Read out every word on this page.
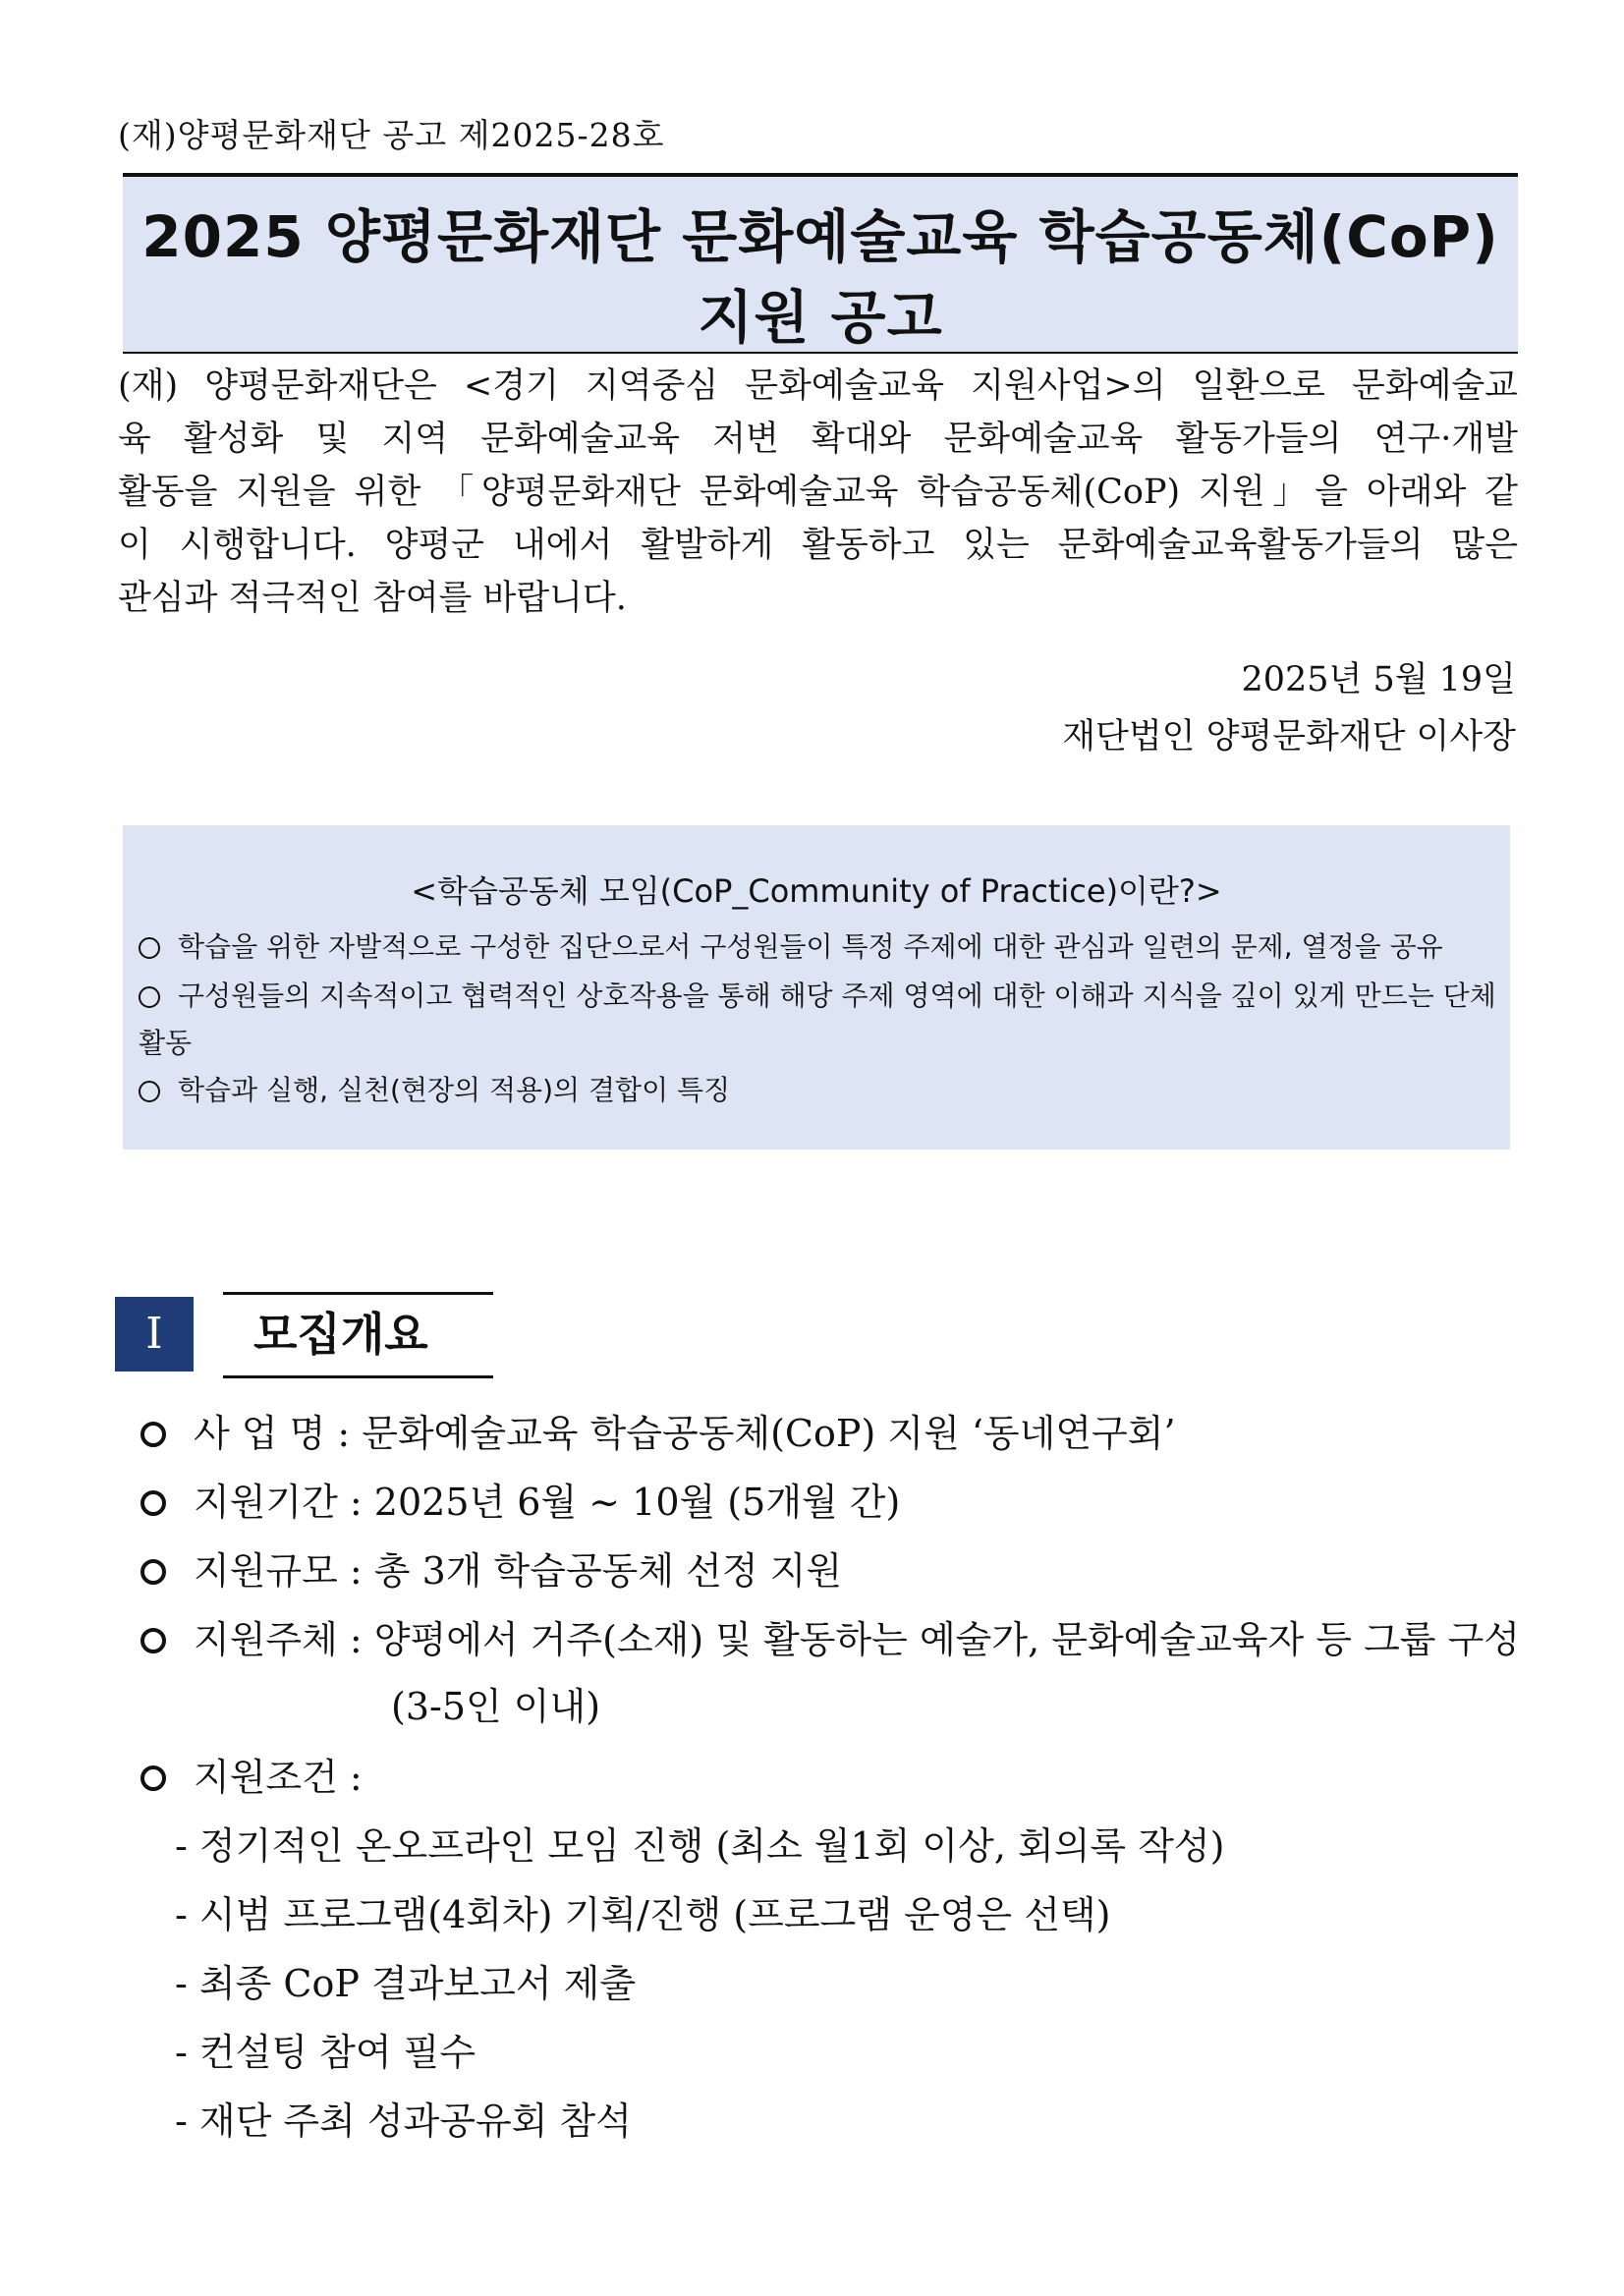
(재)양평문화재단 공고 제2025-28호
2025 양평문화재단 문화예술교육 학습공동체(CoP)
지원 공고
(재) 양평문화재단은 <경기 지역중심 문화예술교육 지원사업>의 일환으로 문화예술교
육 활성화 및 지역 문화예술교육 저변 확대와 문화예술교육 활동가들의 연구·개발
활동을 지원을 위한 「양평문화재단 문화예술교육 학습공동체(CoP) 지원」을 아래와 같
이 시행합니다. 양평군 내에서 활발하게 활동하고 있는 문화예술교육활동가들의 많은
관심과 적극적인 참여를 바랍니다.
2025년 5월 19일
재단법인 양평문화재단 이사장
<학습공동체 모임(CoP_Community of Practice)이란?>
학습을 위한 자발적으로 구성한 집단으로서 구성원들이 특정 주제에 대한 관심과 일련의 문제, 열정을 공유
구성원들의 지속적이고 협력적인 상호작용을 통해 해당 주제 영역에 대한 이해과 지식을 깊이 있게 만드는 단체 활동
학습과 실행, 실천(현장의 적용)의 결합이 특징
I	모집개요
사 업 명 : 문화예술교육 학습공동체(CoP) 지원 ‘동네연구회’
지원기간 : 2025년 6월 ~ 10월 (5개월 간)
지원규모 : 총 3개 학습공동체 선정 지원
지원주체 : 양평에서 거주(소재) 및 활동하는 예술가, 문화예술교육자 등 그룹 구성
(3-5인 이내)
지원조건 :
- 정기적인 온오프라인 모임 진행 (최소 월1회 이상, 회의록 작성)
- 시범 프로그램(4회차) 기획/진행 (프로그램 운영은 선택)
- 최종 CoP 결과보고서 제출
- 컨설팅 참여 필수
- 재단 주최 성과공유회 참석
